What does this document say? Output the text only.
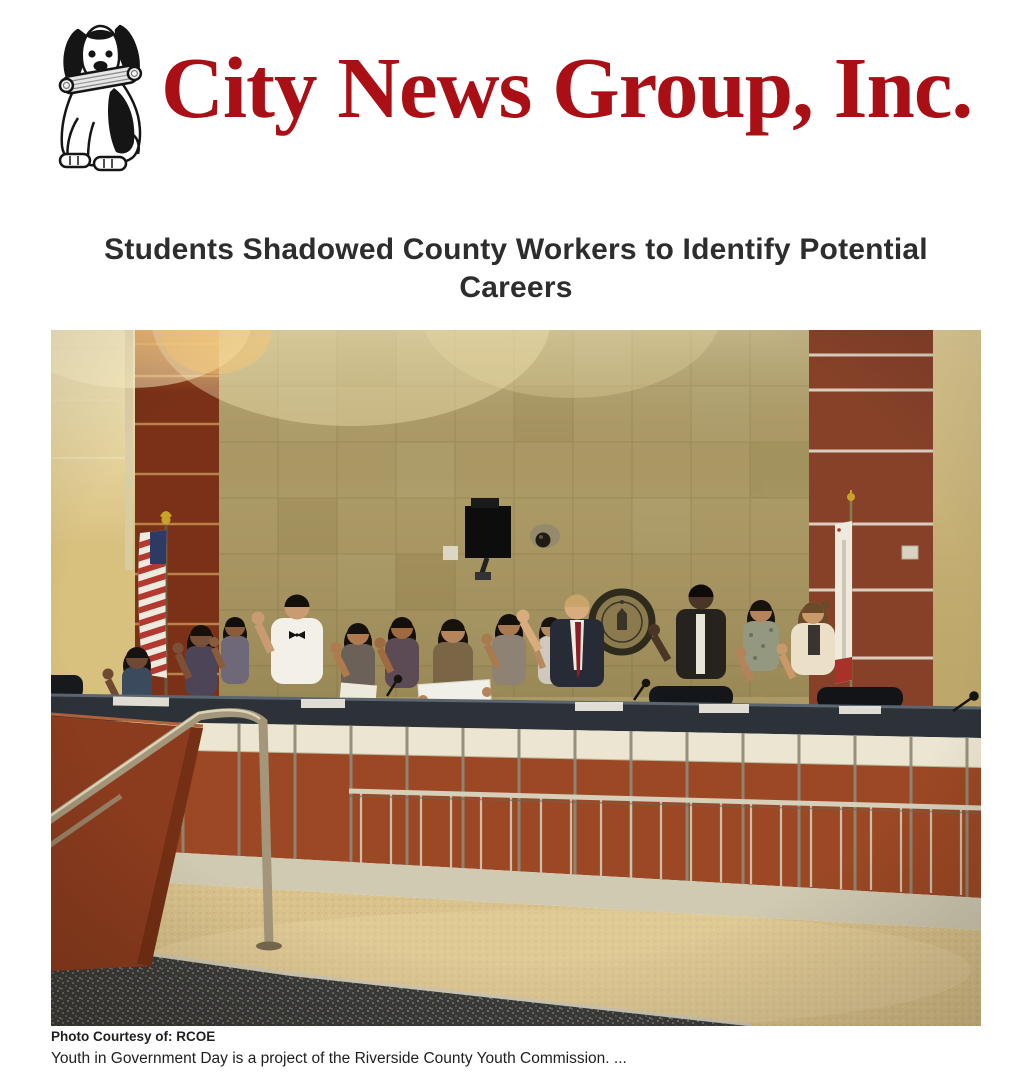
City News Group, Inc.
Students Shadowed County Workers to Identify Potential Careers
Photo Courtesy of: RCOE
Youth in Government Day is a project of the Riverside County Youth Commission. ...
